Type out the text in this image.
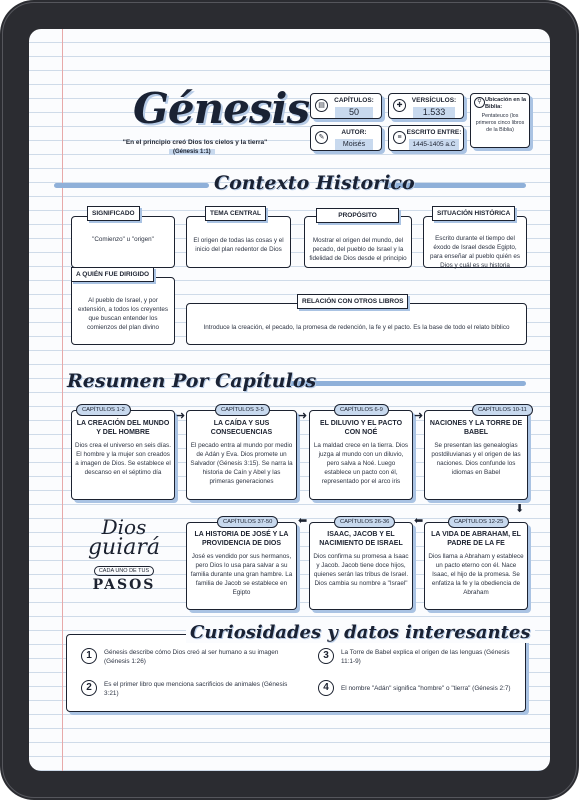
Génesis
"En el principio creó Dios los cielos y la tierra"
(Génesis 1:1)
▤
CAPÍTULOS:
50
✚
VERSÍCULOS:
1.533
⚲ Ubicación en la Biblia:
Pentateuco (los primeros cinco libros de la Biblia)
✎
AUTOR:
Moisés
≡
ESCRITO ENTRE:
1445-1405 a.C
Contexto Historico
"Comienzo" u "origen"
SIGNIFICADO
El origen de todas las cosas y el inicio del plan redentor de Dios
TEMA CENTRAL
Mostrar el origen del mundo, del pecado, del pueblo de Israel y la fidelidad de Dios desde el principio
PROPÓSITO
Escrito durante el tiempo del éxodo de Israel desde Egipto, para enseñar al pueblo quién es Dios y cuál es su historia
SITUACIÓN HISTÓRICA
Al pueblo de Israel, y por extensión, a todos los creyentes que buscan entender los comienzos del plan divino
A QUIÉN FUE DIRIGIDO
Introduce la creación, el pecado, la promesa de redención, la fe y el pacto. Es la base de todo el relato bíblico
RELACIÓN CON OTROS LIBROS
Resumen Por Capítulos
LA CREACIÓN DEL MUNDO Y DEL HOMBRE
Dios crea el universo en seis días. El hombre y la mujer son creados a imagen de Dios. Se establece el descanso en el séptimo día
CAPÍTULOS 1-2	➜
LA CAÍDA Y SUS CONSECUENCIAS
El pecado entra al mundo por medio de Adán y Eva. Dios promete un Salvador (Génesis 3:15). Se narra la historia de Caín y Abel y las primeras generaciones
CAPÍTULOS 3-5	➜
EL DILUVIO Y EL PACTO CON NOÉ
La maldad crece en la tierra. Dios juzga al mundo con un diluvio, pero salva a Noé. Luego establece un pacto con él, representado por el arco iris
CAPÍTULOS 6-9	➜
NACIONES Y LA TORRE DE BABEL
Se presentan las genealogías postdiluvianas y el origen de las naciones. Dios confunde los idiomas en Babel
CAPÍTULOS 10-11
⬇
Dios
guiará
CADA UNO DE TUS
PASOS
LA HISTORIA DE JOSÉ Y LA PROVIDENCIA DE DIOS
José es vendido por sus hermanos, pero Dios lo usa para salvar a su familia durante una gran hambre. La familia de Jacob se establece en Egipto
CAPÍTULOS 37-50	⬅
ISAAC, JACOB Y EL NACIMIENTO DE ISRAEL
Dios confirma su promesa a Isaac y Jacob. Jacob tiene doce hijos, quienes serán las tribus de Israel. Dios cambia su nombre a "Israel"
CAPÍTULOS 26-36	⬅
LA VIDA DE ABRAHAM, EL PADRE DE LA FE
Dios llama a Abraham y establece un pacto eterno con él. Nace Isaac, el hijo de la promesa. Se enfatiza la fe y la obediencia de Abraham
CAPÍTULOS 12-25
Curiosidades y datos interesantes
1	Génesis describe cómo Dios creó al ser humano a su imagen (Génesis 1:26)
2	Es el primer libro que menciona sacrificios de animales (Génesis 3:21)
3	La Torre de Babel explica el origen de las lenguas (Génesis 11:1-9)
4	El nombre "Adán" significa "hombre" o "tierra" (Génesis 2:7)
